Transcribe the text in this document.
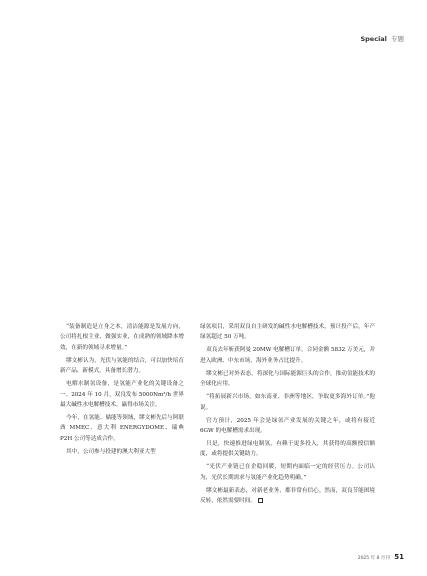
Special 专题

“装备制造是立身之本，清洁能源是发展方向，公司将扎根主业、做强实业，在成熟的领域降本增效，在新的领域寻求增量。”

缪文彬认为，光伏与氢能的结合，可以加快培育新产品、新模式，具备增长潜力。

电解水制氢设备，是氢能产业化的关键设备之一。2024 年 10 月，双良发布 5000Nm³/h 世界最大碱性水电解槽技术，赢得市场关注。

今年，在氢能、储能等领域，缪文彬先后与阿联酋 MMEC、意大利 ENERGYDOME、瑞典 P2H 公司等达成合作。

其中，公司参与投建的澳大利亚大型

绿氢项目，采用双良自主研发的碱性水电解槽技术，预计投产后，年产绿氢超过 50 万吨。

双良去年斩获阿曼 20MW 电解槽订单，合同金额 5832 万美元，并进入欧洲、中东市场，海外业务占比提升。

缪文彬已对外表态，将深化与国际能源巨头的合作，推动氢能技术的全球化应用。

“将拓展新兴市场，如东南亚、非洲等地区，争取更多海外订单。”他说。

官方预计，2025 年会是绿氢产业发展的关键之年，或将有接近 6GW 的电解槽需求出现。

只是，快速推进绿电制氢，有赖于更多投入，其获得的高额授信额度，或将提供关键助力。

“光伏产业链已在企稳回暖，短期内面临一定的经营压力。公司认为，光伏长期需求与氢能产业化趋势明确。”

缪文彬最新表态，对新老业务，都非常有信心。然而，双良节能困境反转，依然需要时间。

2025 年 8 月刊 51
